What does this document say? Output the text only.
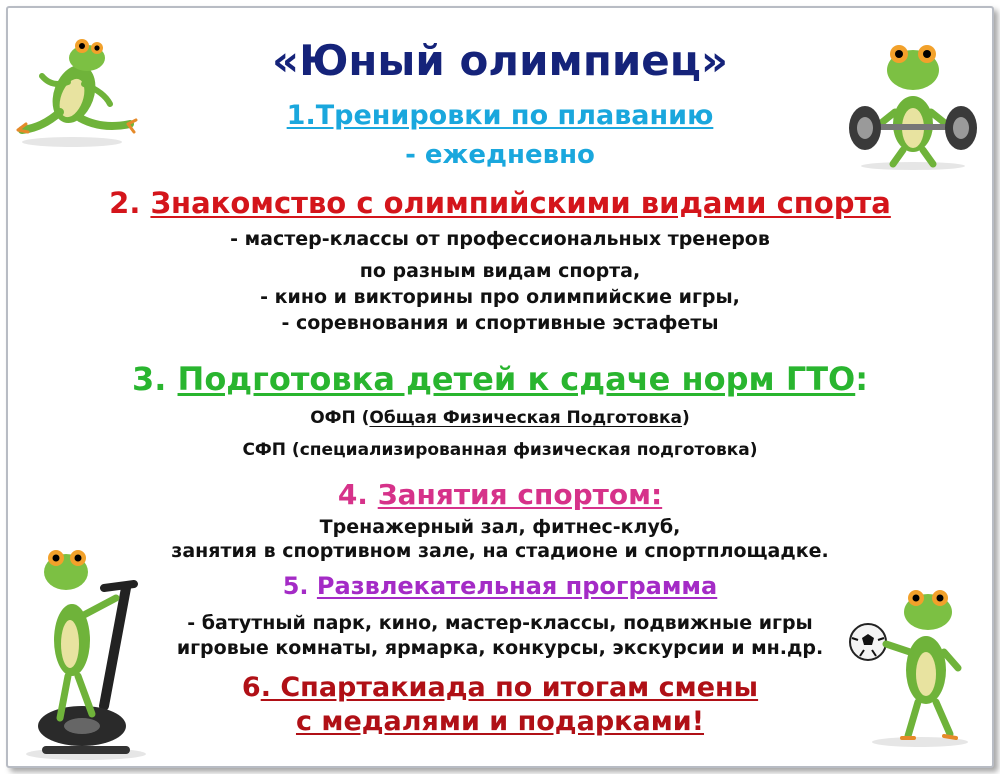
«Юный олимпиец»
1.Тренировки по плаванию
- ежедневно
2. Знакомство с олимпийскими видами спорта
- мастер-классы от профессиональных тренеров
по разным видам спорта,
- кино и викторины про олимпийские игры,
- соревнования и спортивные эстафеты
3. Подготовка детей к сдаче норм ГТО:
ОФП (Общая Физическая Подготовка)
СФП (специализированная физическая подготовка)
4. Занятия спортом:
Тренажерный зал, фитнес-клуб,
занятия в спортивном зале, на стадионе и спортплощадке.
5. Развлекательная программа
- батутный парк, кино, мастер-классы, подвижные игры
игровые комнаты, ярмарка, конкурсы, экскурсии и мн.др.
6. Спартакиада по итогам смены
с медалями и подарками!
